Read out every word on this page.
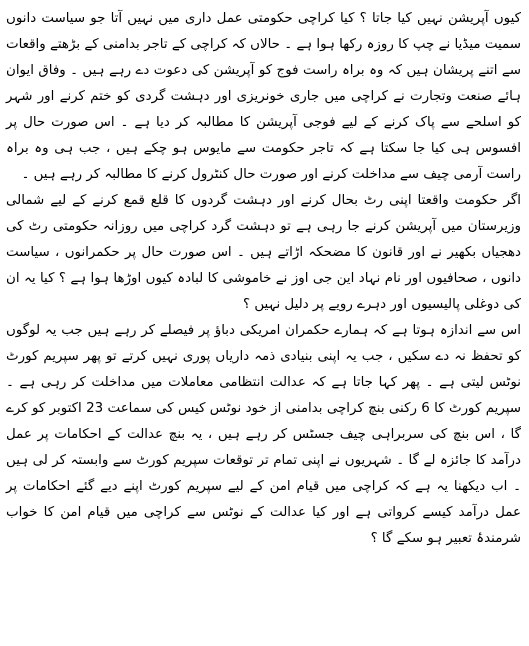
کیوں آپریشن نہیں کیا جاتا ؟ کیا کراچی حکومتی عمل داری میں نہیں آتا جو سیاست دانوں سمیت میڈیا نے چپ کا روزہ رکھا ہوا ہے ۔ حالاں کہ کراچی کے تاجر بدامنی کے بڑھتے واقعات سے اتنے پریشان ہیں کہ وہ براہ راست فوج کو آپریشن کی دعوت دے رہے ہیں ۔ وفاق ایوان ہائے صنعت وتجارت نے کراچی میں جاری خونریزی اور دہشت گردی کو ختم کرنے اور شہر کو اسلحے سے پاک کرنے کے لیے فوجی آپریشن کا مطالبہ کر دیا ہے ۔ اس صورت حال پر افسوس ہی کیا جا سکتا ہے کہ تاجر حکومت سے مایوس ہو چکے ہیں ، جب ہی وہ براہ راست آرمی چیف سے مداخلت کرنے اور صورت حال کنٹرول کرنے کا مطالبہ کر رہے ہیں ۔

اگر حکومت واقعتا اپنی رٹ بحال کرنے اور دہشت گردوں کا قلع قمع کرنے کے لیے شمالی وزیرستان میں آپریشن کرنے جا رہی ہے تو دہشت گرد کراچی میں روزانہ حکومتی رٹ کی دھجیاں بکھیر نے اور قانون کا مضحکہ اڑاتے ہیں ۔ اس صورت حال پر حکمرانوں ، سیاست دانوں ، صحافیوں اور نام نہاد این جی اوز نے خاموشی کا لبادہ کیوں اوڑھا ہوا ہے ؟ کیا یہ ان کی دوغلی پالیسیوں اور دہرے رویے پر دلیل نہیں ؟

اس سے اندازہ ہوتا ہے کہ ہمارے حکمران امریکی دباؤ پر فیصلے کر رہے ہیں جب یہ لوگوں کو تحفظ نہ دے سکیں ، جب یہ اپنی بنیادی ذمہ داریاں پوری نہیں کرتے تو پھر سپریم کورٹ نوٹس لیتی ہے ۔ پھر کہا جاتا ہے کہ عدالت انتظامی معاملات میں مداخلت کر رہی ہے ۔ سپریم کورٹ کا 6 رکنی بنچ کراچی بدامنی از خود نوٹس کیس کی سماعت 23 اکتوبر کو کرے گا ، اس بنچ کی سربراہی چیف جسٹس کر رہے ہیں ، یہ بنچ عدالت کے احکامات پر عمل درآمد کا جائزہ لے گا ۔ شہریوں نے اپنی تمام تر توقعات سپریم کورٹ سے وابستہ کر لی ہیں ۔ اب دیکھنا یہ ہے کہ کراچی میں قیام امن کے لیے سپریم کورٹ اپنے دیے گئے احکامات پر عمل درآمد کیسے کرواتی ہے اور کیا عدالت کے نوٹس سے کراچی میں قیام امن کا خواب شرمندۂ تعبیر ہو سکے گا ؟
